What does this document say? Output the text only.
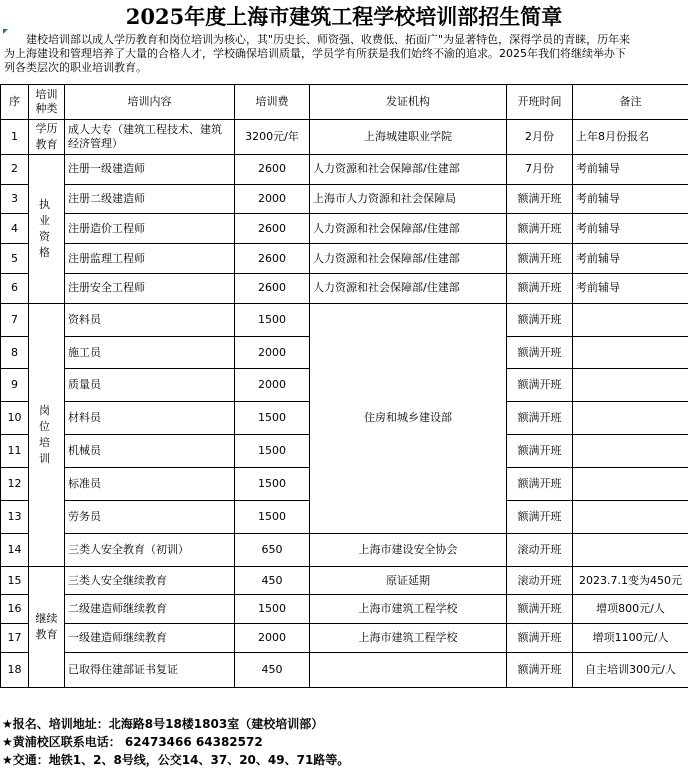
2025年度上海市建筑工程学校培训部招生简章
建校培训部以成人学历教育和岗位培训为核心，其"历史长、师资强、收费低、拓面广"为显著特色，深得学员的青睐，历年来
为上海建设和管理培养了大量的合格人才，学校确保培训质量，学员学有所获是我们始终不渝的追求。2025年我们将继续举办下
列各类层次的职业培训教育。
序	培训种类	培训内容	培训费	发证机构	开班时间	备注
1	学历教育	成人大专（建筑工程技术、建筑经济管理）	3200元/年	上海城建职业学院	2月份	上年8月份报名
2	执业资格	注册一级建造师	2600	人力资源和社会保障部/住建部	7月份	考前辅导
3		注册二级建造师	2000	上海市人力资源和社会保障局	额满开班	考前辅导
4		注册造价工程师	2600	人力资源和社会保障部/住建部	额满开班	考前辅导
5		注册监理工程师	2600	人力资源和社会保障部/住建部	额满开班	考前辅导
6		注册安全工程师	2600	人力资源和社会保障部/住建部	额满开班	考前辅导
7	岗位培训	资料员	1500	住房和城乡建设部	额满开班	
8		施工员	2000		额满开班	
9		质量员	2000		额满开班	
10		材料员	1500		额满开班	
11		机械员	1500		额满开班	
12		标准员	1500		额满开班	
13		劳务员	1500		额满开班	
14		三类人安全教育（初训）	650	上海市建设安全协会	滚动开班	
15	继续教育	三类人安全继续教育	450	原证延期	滚动开班	2023.7.1变为450元
16		二级建造师继续教育	1500	上海市建筑工程学校	额满开班	增项800元/人
17		一级建造师继续教育	2000	上海市建筑工程学校	额满开班	增项1100元/人
18		已取得住建部证书复证	450		额满开班	自主培训300元/人
★报名、培训地址：北海路8号18楼1803室（建校培训部）
★黄浦校区联系电话： 62473466 64382572
★交通：地铁1、2、8号线，公交14、37、20、49、71路等。
